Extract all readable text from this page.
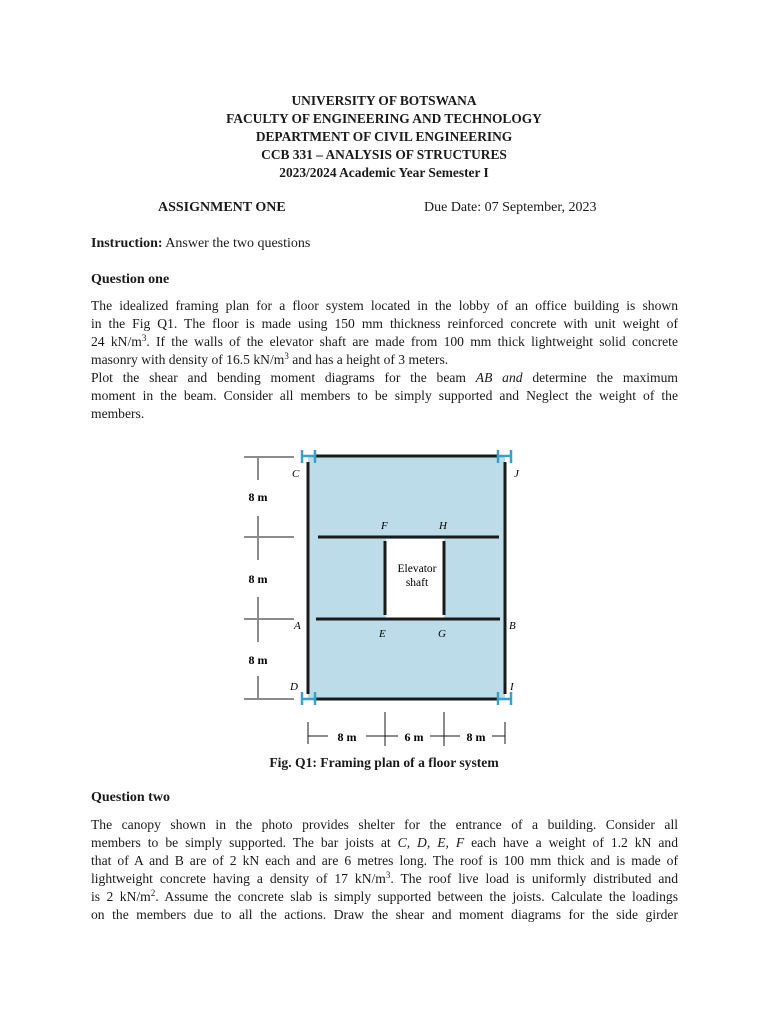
UNIVERSITY OF BOTSWANA
FACULTY OF ENGINEERING AND TECHNOLOGY
DEPARTMENT OF CIVIL ENGINEERING
CCB 331 – ANALYSIS OF STRUCTURES
2023/2024 Academic Year Semester I
ASSIGNMENT ONE	Due Date: 07 September, 2023
Instruction: Answer the two questions
Question one
The idealized framing plan for a floor system located in the lobby of an office building is shown
in the Fig Q1. The floor is made using 150 mm thickness reinforced concrete with unit weight of
24 $kN/m^3$. If the walls of the elevator shaft are made from 100 mm thick lightweight solid concrete
masonry with density of 16.5 $kN/m^3$ and has a height of 3 meters.
Plot the shear and bending moment diagrams for the beam AB and determine the maximum
moment in the beam. Consider all members to be simply supported and Neglect the weight of the
members.
C	J
F	H
A	B
E	G
D	I
Elevator
shaft
8 m
8 m
8 m
8 m	6 m	8 m
Fig. Q1: Framing plan of a floor system
Question two
The canopy shown in the photo provides shelter for the entrance of a building. Consider all
members to be simply supported. The bar joists at C, D, E, F each have a weight of 1.2 kN and
that of A and B are of 2 kN each and are 6 metres long. The roof is 100 mm thick and is made of
lightweight concrete having a density of 17 $kN/m^3$. The roof live load is uniformly distributed and
is 2 $kN/m^2$. Assume the concrete slab is simply supported between the joists. Calculate the loadings
on the members due to all the actions. Draw the shear and moment diagrams for the side girder
